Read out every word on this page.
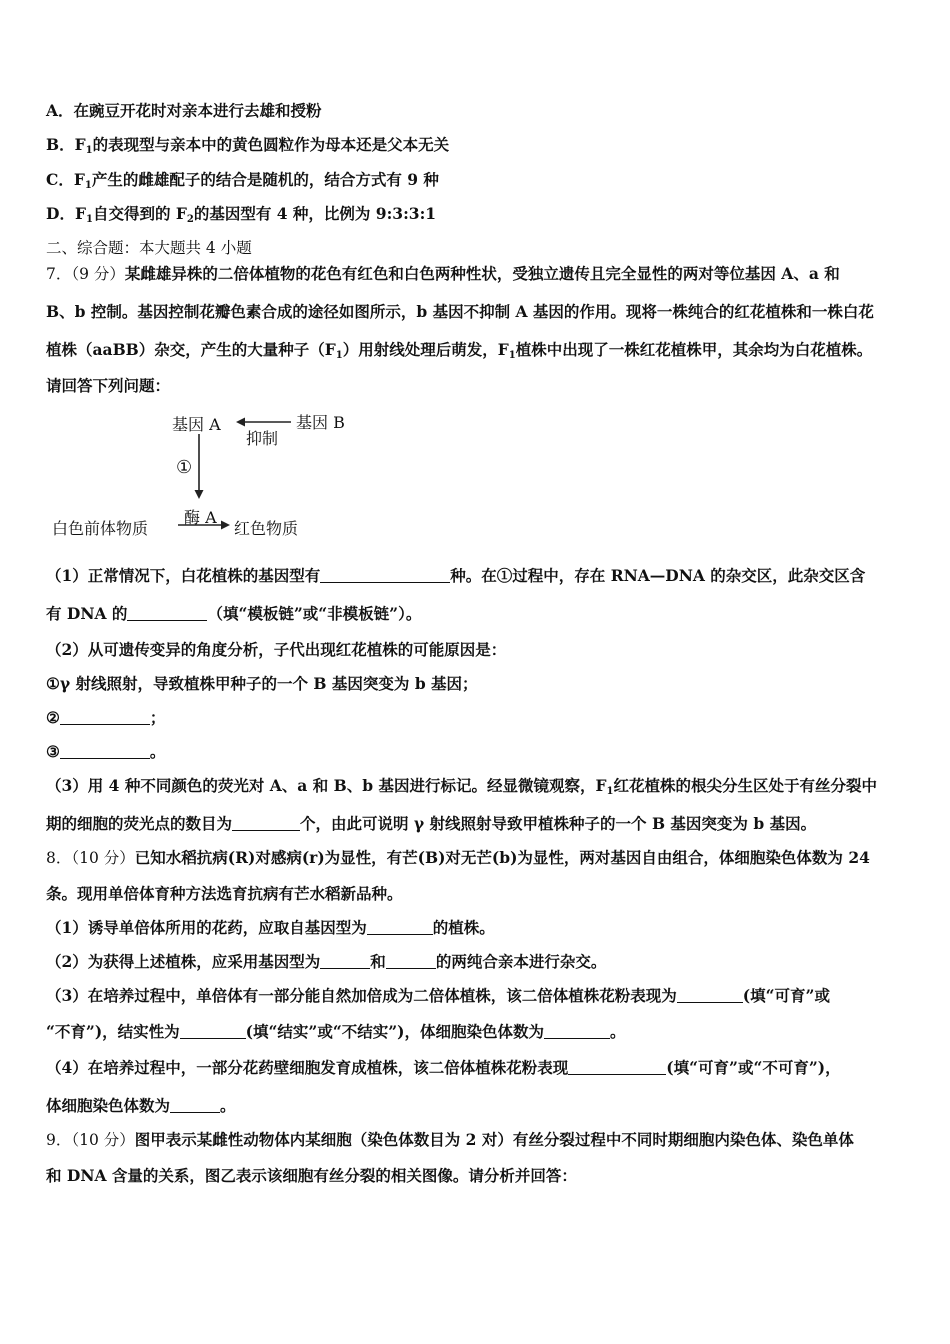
A．在豌豆开花时对亲本进行去雄和授粉
B．$F_1$的表现型与亲本中的黄色圆粒作为母本还是父本无关
C．$F_1$产生的雌雄配子的结合是随机的，结合方式有 9 种
D．$F_1$自交得到的 $F_2$的基因型有 4 种，比例为 9:3:3:1
二、综合题：本大题共 4 小题
7．（9 分）某雌雄异株的二倍体植物的花色有红色和白色两种性状，受独立遗传且完全显性的两对等位基因 A、a 和
B、b 控制。基因控制花瓣色素合成的途径如图所示，b 基因不抑制 A 基因的作用。现将一株纯合的红花植株和一株白花
植株（aaBB）杂交，产生的大量种子$(F_1)$用射线处理后萌发，$F_1$植株中出现了一株红花植株甲，其余均为白花植株。
请回答下列问题：
基因 A	基因 B
抑制
①
酶 A
白色前体物质	红色物质
（1）正常情况下，白花植株的基因型有	种。在①过程中，存在 RNA—DNA 的杂交区，此杂交区含
有 DNA 的	（填“模板链”或“非模板链”）。
（2）从可遗传变异的角度分析，子代出现红花植株的可能原因是：
①γ 射线照射，导致植株甲种子的一个 B 基因突变为 b 基因；
②	；
③	。
（3）用 4 种不同颜色的荧光对 A、a 和 B、b 基因进行标记。经显微镜观察，$F_1$红花植株的根尖分生区处于有丝分裂中
期的细胞的荧光点的数目为	个，由此可说明 γ 射线照射导致甲植株种子的一个 B 基因突变为 b 基因。
8．（10 分）已知水稻抗病(R)对感病(r)为显性，有芒(B)对无芒(b)为显性，两对基因自由组合，体细胞染色体数为 24
条。现用单倍体育种方法选育抗病有芒水稻新品种。
（1）诱导单倍体所用的花药，应取自基因型为	的植株。
（2）为获得上述植株，应采用基因型为	和	的两纯合亲本进行杂交。
（3）在培养过程中，单倍体有一部分能自然加倍成为二倍体植株，该二倍体植株花粉表现为	(填“可育”或
“不育”)，结实性为	(填“结实”或“不结实”)，体细胞染色体数为	。
（4）在培养过程中，一部分花药壁细胞发育成植株，该二倍体植株花粉表现	(填“可育”或“不可育”)，
体细胞染色体数为	。
9．（10 分）图甲表示某雌性动物体内某细胞（染色体数目为 2 对）有丝分裂过程中不同时期细胞内染色体、染色单体
和 DNA 含量的关系，图乙表示该细胞有丝分裂的相关图像。请分析并回答：
